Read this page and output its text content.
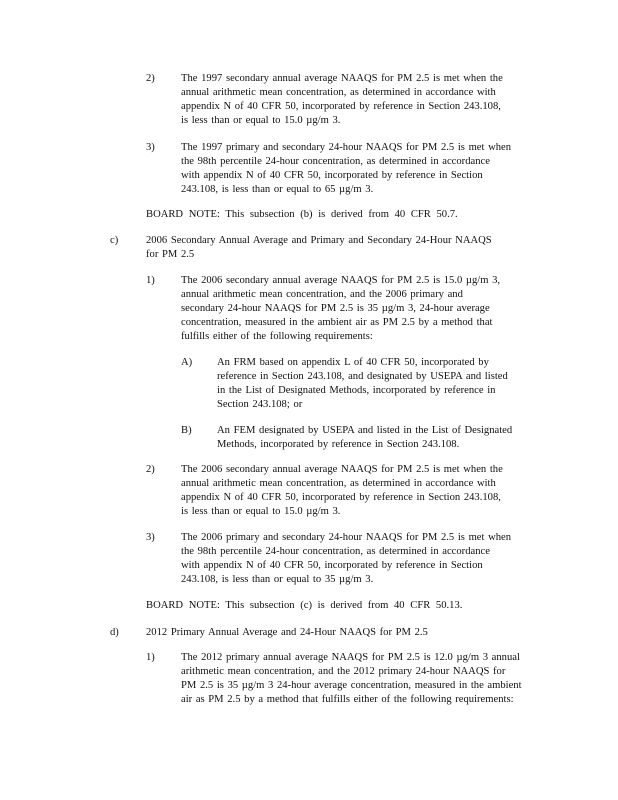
2) The 1997 secondary annual average NAAQS for PM 2.5 is met when the
annual arithmetic mean concentration, as determined in accordance with
appendix N of 40 CFR 50, incorporated by reference in Section 243.108,
is less than or equal to 15.0 µg/m 3.
3) The 1997 primary and secondary 24-hour NAAQS for PM 2.5 is met when
the 98th percentile 24-hour concentration, as determined in accordance
with appendix N of 40 CFR 50, incorporated by reference in Section
243.108, is less than or equal to 65 µg/m 3.
BOARD NOTE: This subsection (b) is derived from 40 CFR 50.7.
c)	2006 Secondary Annual Average and Primary and Secondary 24-Hour NAAQS
for PM 2.5
1) The 2006 secondary annual average NAAQS for PM 2.5 is 15.0 µg/m 3,
annual arithmetic mean concentration, and the 2006 primary and
secondary 24-hour NAAQS for PM 2.5 is 35 µg/m 3, 24-hour average
concentration, measured in the ambient air as PM 2.5 by a method that
fulfills either of the following requirements:
A) An FRM based on appendix L of 40 CFR 50, incorporated by
reference in Section 243.108, and designated by USEPA and listed
in the List of Designated Methods, incorporated by reference in
Section 243.108; or
B) An FEM designated by USEPA and listed in the List of Designated
Methods, incorporated by reference in Section 243.108.
2) The 2006 secondary annual average NAAQS for PM 2.5 is met when the
annual arithmetic mean concentration, as determined in accordance with
appendix N of 40 CFR 50, incorporated by reference in Section 243.108,
is less than or equal to 15.0 µg/m 3.
3) The 2006 primary and secondary 24-hour NAAQS for PM 2.5 is met when
the 98th percentile 24-hour concentration, as determined in accordance
with appendix N of 40 CFR 50, incorporated by reference in Section
243.108, is less than or equal to 35 µg/m 3.
BOARD NOTE: This subsection (c) is derived from 40 CFR 50.13.
d)	2012 Primary Annual Average and 24-Hour NAAQS for PM 2.5
1) The 2012 primary annual average NAAQS for PM 2.5 is 12.0 µg/m 3 annual
arithmetic mean concentration, and the 2012 primary 24-hour NAAQS for
PM 2.5 is 35 µg/m 3 24-hour average concentration, measured in the ambient
air as PM 2.5 by a method that fulfills either of the following requirements:
